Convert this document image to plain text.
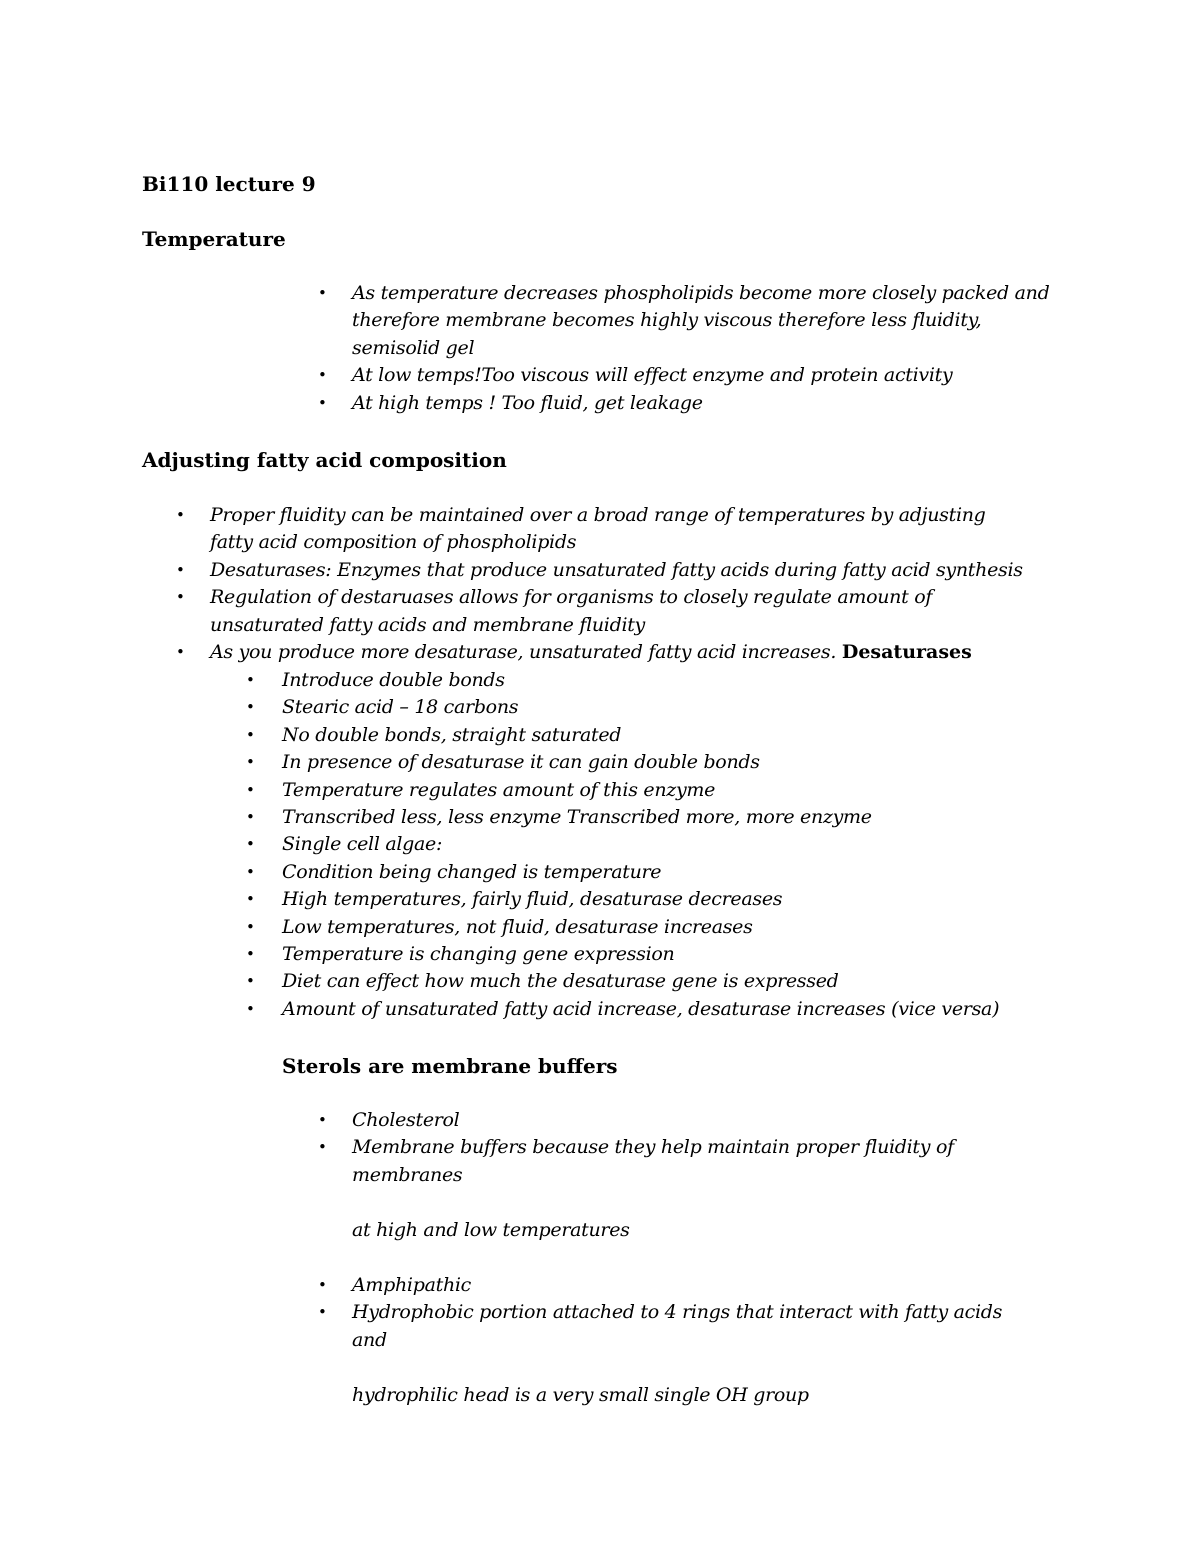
Bi110 lecture 9
Temperature
• As temperature decreases phospholipids become more closely packed and therefore membrane becomes highly viscous therefore less fluidity, semisolid gel
• At low temps!Too viscous will effect enzyme and protein activity
• At high temps ! Too fluid, get leakage
Adjusting fatty acid composition
• Proper fluidity can be maintained over a broad range of temperatures by adjusting fatty acid composition of phospholipids
• Desaturases: Enzymes that produce unsaturated fatty acids during fatty acid synthesis
• Regulation of destaruases allows for organisms to closely regulate amount of unsaturated fatty acids and membrane fluidity
• As you produce more desaturase, unsaturated fatty acid increases. Desaturases
• Introduce double bonds
• Stearic acid – 18 carbons
• No double bonds, straight saturated
• In presence of desaturase it can gain double bonds
• Temperature regulates amount of this enzyme
• Transcribed less, less enzyme Transcribed more, more enzyme
• Single cell algae:
• Condition being changed is temperature
• High temperatures, fairly fluid, desaturase decreases
• Low temperatures, not fluid, desaturase increases
• Temperature is changing gene expression
• Diet can effect how much the desaturase gene is expressed
• Amount of unsaturated fatty acid increase, desaturase increases (vice versa)
Sterols are membrane buffers
• Cholesterol
• Membrane buffers because they help maintain proper fluidity of membranes
at high and low temperatures
• Amphipathic
• Hydrophobic portion attached to 4 rings that interact with fatty acids and
hydrophilic head is a very small single OH group
